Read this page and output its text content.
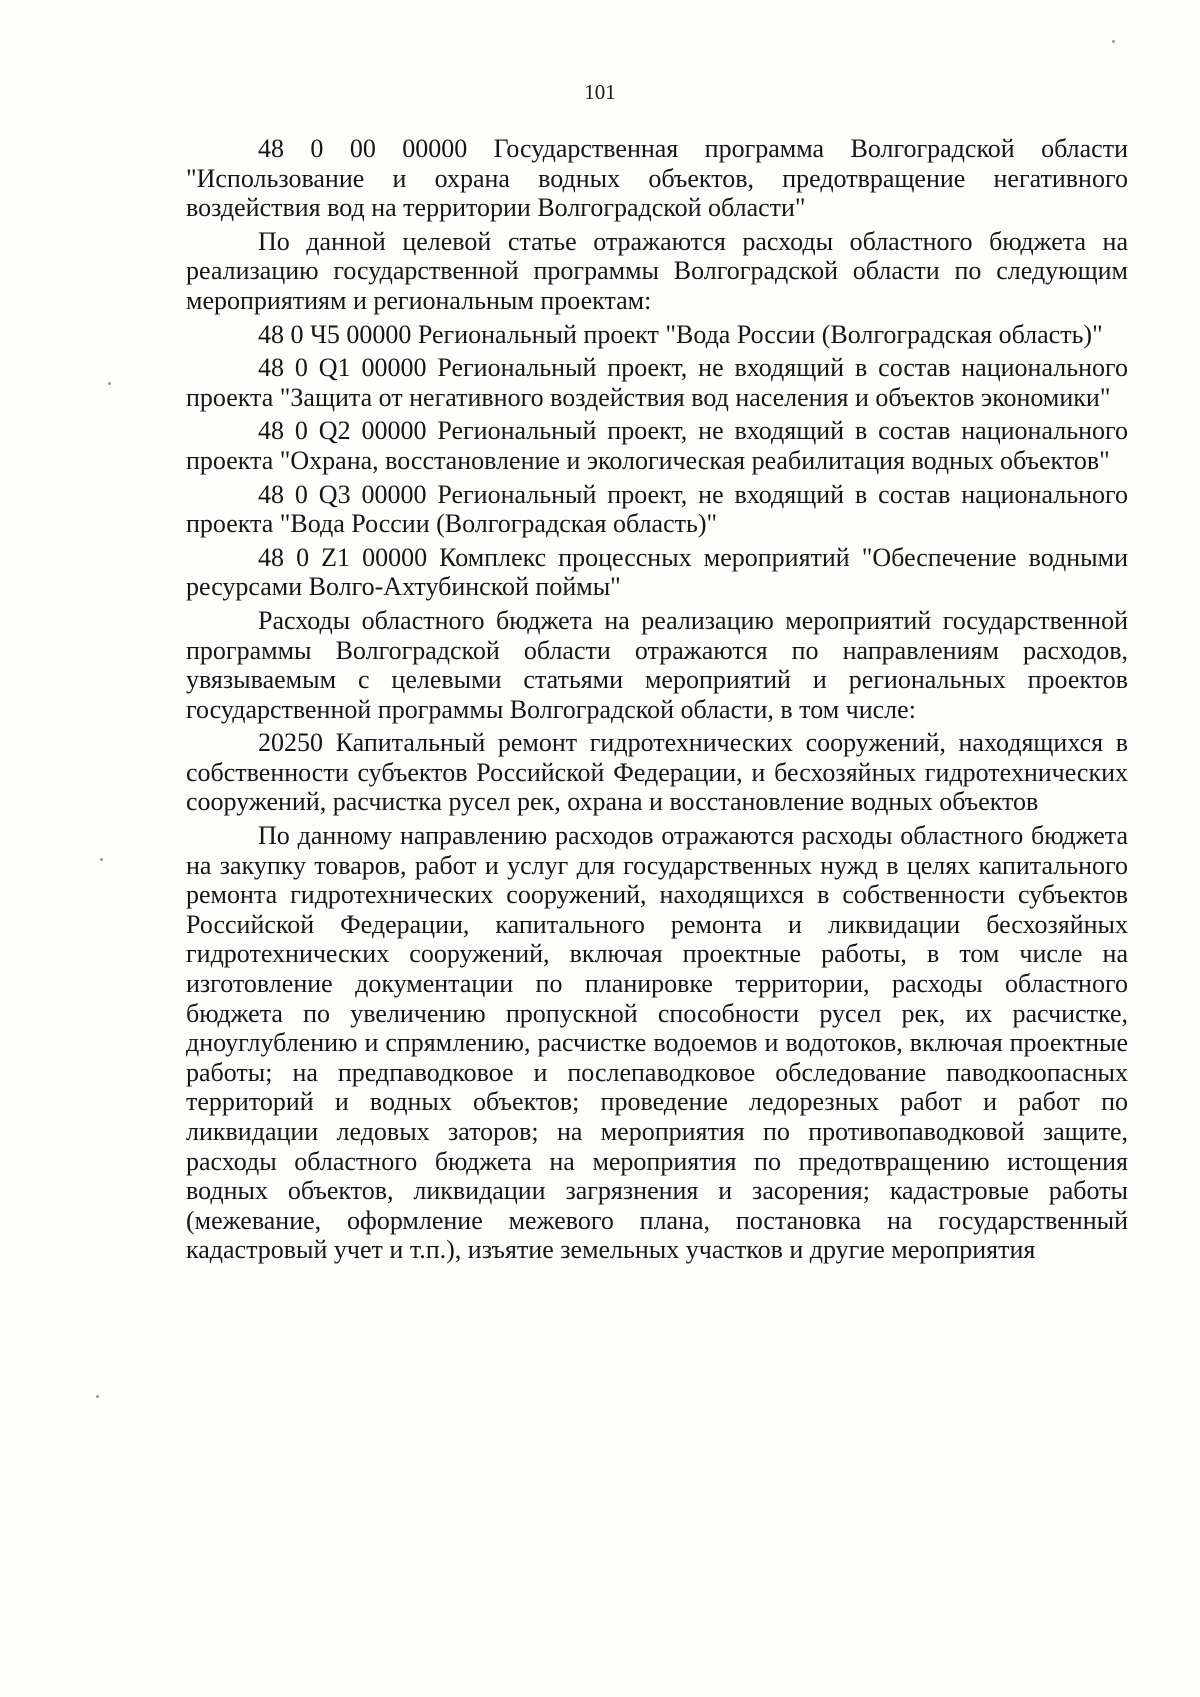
101

48 0 00 00000 Государственная программа Волгоградской области "Использование и охрана водных объектов, предотвращение негативного воздействия вод на территории Волгоградской области"

По данной целевой статье отражаются расходы областного бюджета на реализацию государственной программы Волгоградской области по следующим мероприятиям и региональным проектам:

48 0 Ч5 00000 Региональный проект "Вода России (Волгоградская область)"

48 0 Q1 00000 Региональный проект, не входящий в состав национального проекта "Защита от негативного воздействия вод населения и объектов экономики"

48 0 Q2 00000 Региональный проект, не входящий в состав национального проекта "Охрана, восстановление и экологическая реабилитация водных объектов"

48 0 Q3 00000 Региональный проект, не входящий в состав национального проекта "Вода России (Волгоградская область)"

48 0 Z1 00000 Комплекс процессных мероприятий "Обеспечение водными ресурсами Волго-Ахтубинской поймы"

Расходы областного бюджета на реализацию мероприятий государственной программы Волгоградской области отражаются по направлениям расходов, увязываемым с целевыми статьями мероприятий и региональных проектов государственной программы Волгоградской области, в том числе:

20250 Капитальный ремонт гидротехнических сооружений, находящихся в собственности субъектов Российской Федерации, и бесхозяйных гидротехнических сооружений, расчистка русел рек, охрана и восстановление водных объектов

По данному направлению расходов отражаются расходы областного бюджета на закупку товаров, работ и услуг для государственных нужд в целях капитального ремонта гидротехнических сооружений, находящихся в собственности субъектов Российской Федерации, капитального ремонта и ликвидации бесхозяйных гидротехнических сооружений, включая проектные работы, в том числе на изготовление документации по планировке территории, расходы областного бюджета по увеличению пропускной способности русел рек, их расчистке, дноуглублению и спрямлению, расчистке водоемов и водотоков, включая проектные работы; на предпаводковое и послепаводковое обследование паводкоопасных территорий и водных объектов; проведение ледорезных работ и работ по ликвидации ледовых заторов; на мероприятия по противопаводковой защите, расходы областного бюджета на мероприятия по предотвращению истощения водных объектов, ликвидации загрязнения и засорения; кадастровые работы (межевание, оформление межевого плана, постановка на государственный кадастровый учет и т.п.), изъятие земельных участков и другие мероприятия
